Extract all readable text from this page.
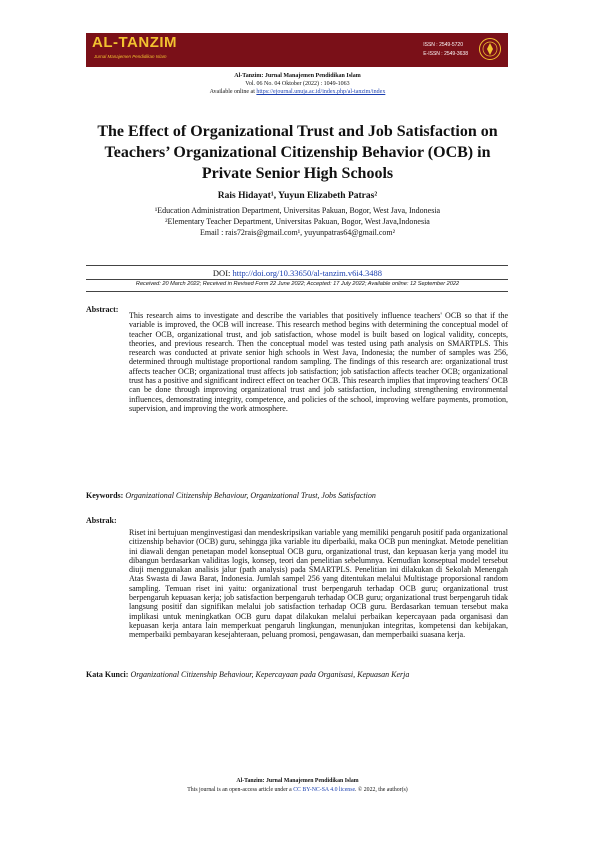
AL-TANZIM
Jurnal Manajemen Pendidikan Islam
ISSN : 2549-5720
E-ISSN : 2549-3638
Al-Tanzim: Jurnal Manajemen Pendidikan Islam
Vol. 06 No. 04 Oktober (2022) : 1049-1063
Available online at https://ejournal.unuja.ac.id/index.php/al-tanzim/index
The Effect of Organizational Trust and Job Satisfaction on Teachers’ Organizational Citizenship Behavior (OCB) in Private Senior High Schools
Rais Hidayat¹, Yuyun Elizabeth Patras²
¹Education Administration Department, Universitas Pakuan, Bogor, West Java, Indonesia
²Elementary Teacher Department, Universitas Pakuan, Bogor, West Java,Indonesia
Email : rais72rais@gmail.com¹, yuyunpatras64@gmail.com²
DOI: http://doi.org/10.33650/al-tanzim.v6i4.3488
Received: 20 March 2022; Received in Revised Form 22 June 2022; Accepted: 17 July 2022; Available online: 12 September 2022
Abstract:
This research aims to investigate and describe the variables that positively influence teachers' OCB so that if the variable is improved, the OCB will increase. This research method begins with determining the conceptual model of teacher OCB, organizational trust, and job satisfaction, whose model is built based on logical validity, concepts, theories, and previous research. Then the conceptual model was tested using path analysis on SMARTPLS. This research was conducted at private senior high schools in West Java, Indonesia; the number of samples was 256, determined through multistage proportional random sampling. The findings of this research are: organizational trust affects teacher OCB; organizational trust affects job satisfaction; job satisfaction affects teacher OCB; organizational trust has a positive and significant indirect effect on teacher OCB. This research implies that improving teachers' OCB can be done through improving organizational trust and job satisfaction, including strengthening environmental influences, demonstrating integrity, competence, and policies of the school, improving welfare payments, promotion, supervision, and improving the work atmosphere.
Keywords: Organizational Citizenship Behaviour, Organizational Trust, Jobs Satisfaction
Abstrak:
Riset ini bertujuan menginvestigasi dan mendeskripsikan variable yang memiliki pengaruh positif pada organizational citizenship behavior (OCB) guru, sehingga jika variable itu diperbaiki, maka OCB pun meningkat. Metode penelitian ini diawali dengan penetapan model konseptual OCB guru, organizational trust, dan kepuasan kerja yang model itu dibangun berdasarkan validitas logis, konsep, teori dan penelitian sebelumnya. Kemudian konseptual model tersebut diuji menggunakan analisis jalur (path analysis) pada SMARTPLS. Penelitian ini dilakukan di Sekolah Menengah Atas Swasta di Jawa Barat, Indonesia. Jumlah sampel 256 yang ditentukan melalui Multistage proporsional random sampling. Temuan riset ini yaitu: organizational trust berpengaruh terhadap OCB guru; organizational trust berpengaruh kepuasan kerja; job satisfaction berpengaruh terhadap OCB guru; organizational trust berpengaruh tidak langsung positif dan signifikan melalui job satisfaction terhadap OCB guru. Berdasarkan temuan tersebut maka implikasi untuk meningkatkan OCB guru dapat dilakukan melalui perbaikan kepercayaan pada organisasi dan kepuasan kerja antara lain memperkuat pengaruh lingkungan, menunjukan integritas, kompetensi dan kebijakan, memperbaiki pembayaran kesejahteraan, peluang promosi, pengawasan, dan memperbaiki suasana kerja.
Kata Kunci: Organizational Citizenship Behaviour, Kepercayaan pada Organisasi, Kepuasan Kerja
Al-Tanzim: Jurnal Manajemen Pendidikan Islam
This journal is an open-access article under a CC BY-NC-SA 4.0 license. © 2022, the author(s)
